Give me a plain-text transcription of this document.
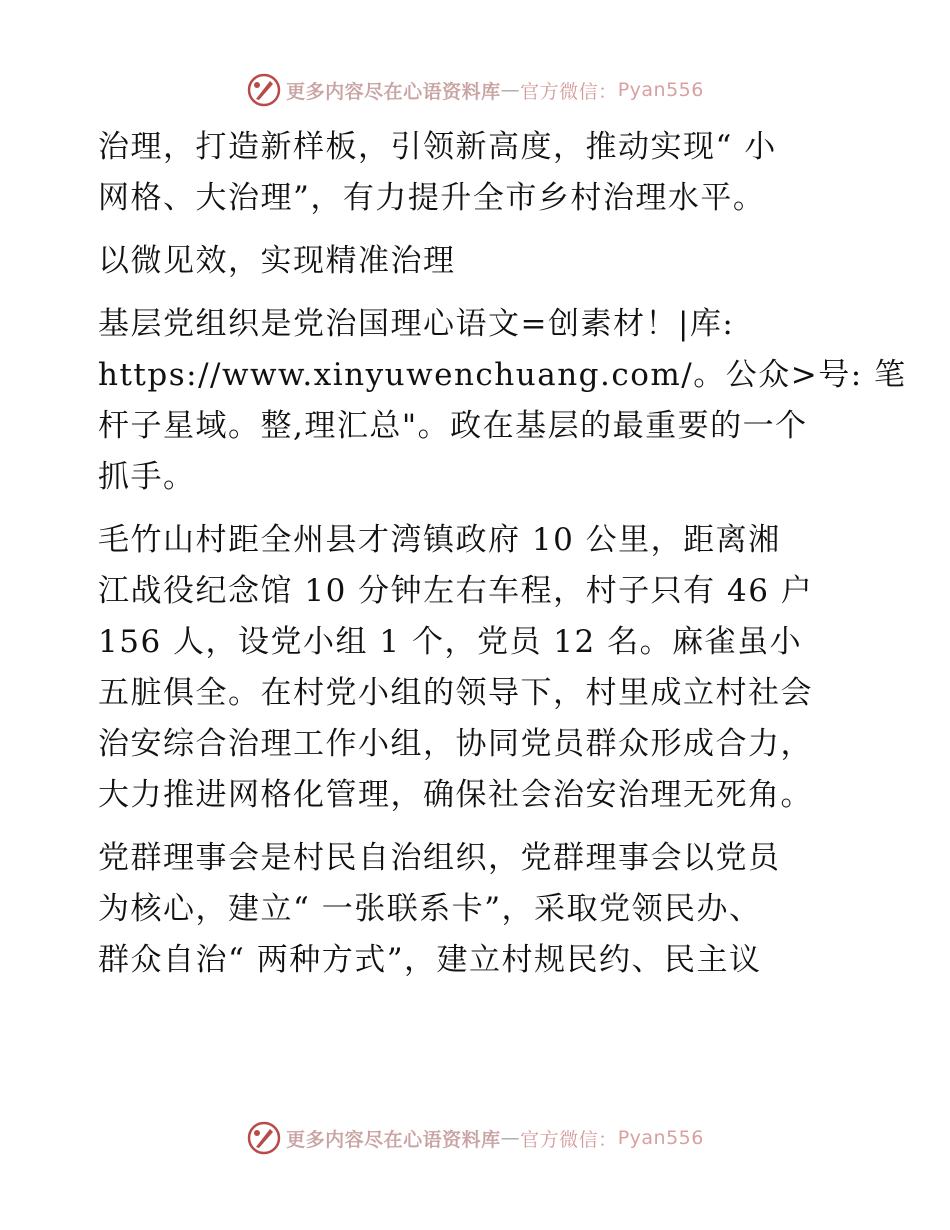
更多内容尽在心语资料库 — 官方微信： Pyan556

治理，打造新样板，引领新高度，推动实现“ 小
网格、大治理”，有力提升全市乡村治理水平。

以微见效，实现精准治理

基层党组织是党治国理心语文=创素材！|库:
https://www.xinyuwenchuang.com/。公众>号: 笔
杆子星域。整,理汇总"。政在基层的最重要的一个
抓手。

毛竹山村距全州县才湾镇政府 10 公里，距离湘
江战役纪念馆 10 分钟左右车程，村子只有 46 户
156 人，设党小组 1 个，党员 12 名。麻雀虽小
五脏俱全。在村党小组的领导下，村里成立村社会
治安综合治理工作小组，协同党员群众形成合力，
大力推进网格化管理，确保社会治安治理无死角。

党群理事会是村民自治组织，党群理事会以党员
为核心，建立“ 一张联系卡”，采取党领民办、
群众自治“ 两种方式”，建立村规民约、民主议

更多内容尽在心语资料库 — 官方微信： Pyan556
